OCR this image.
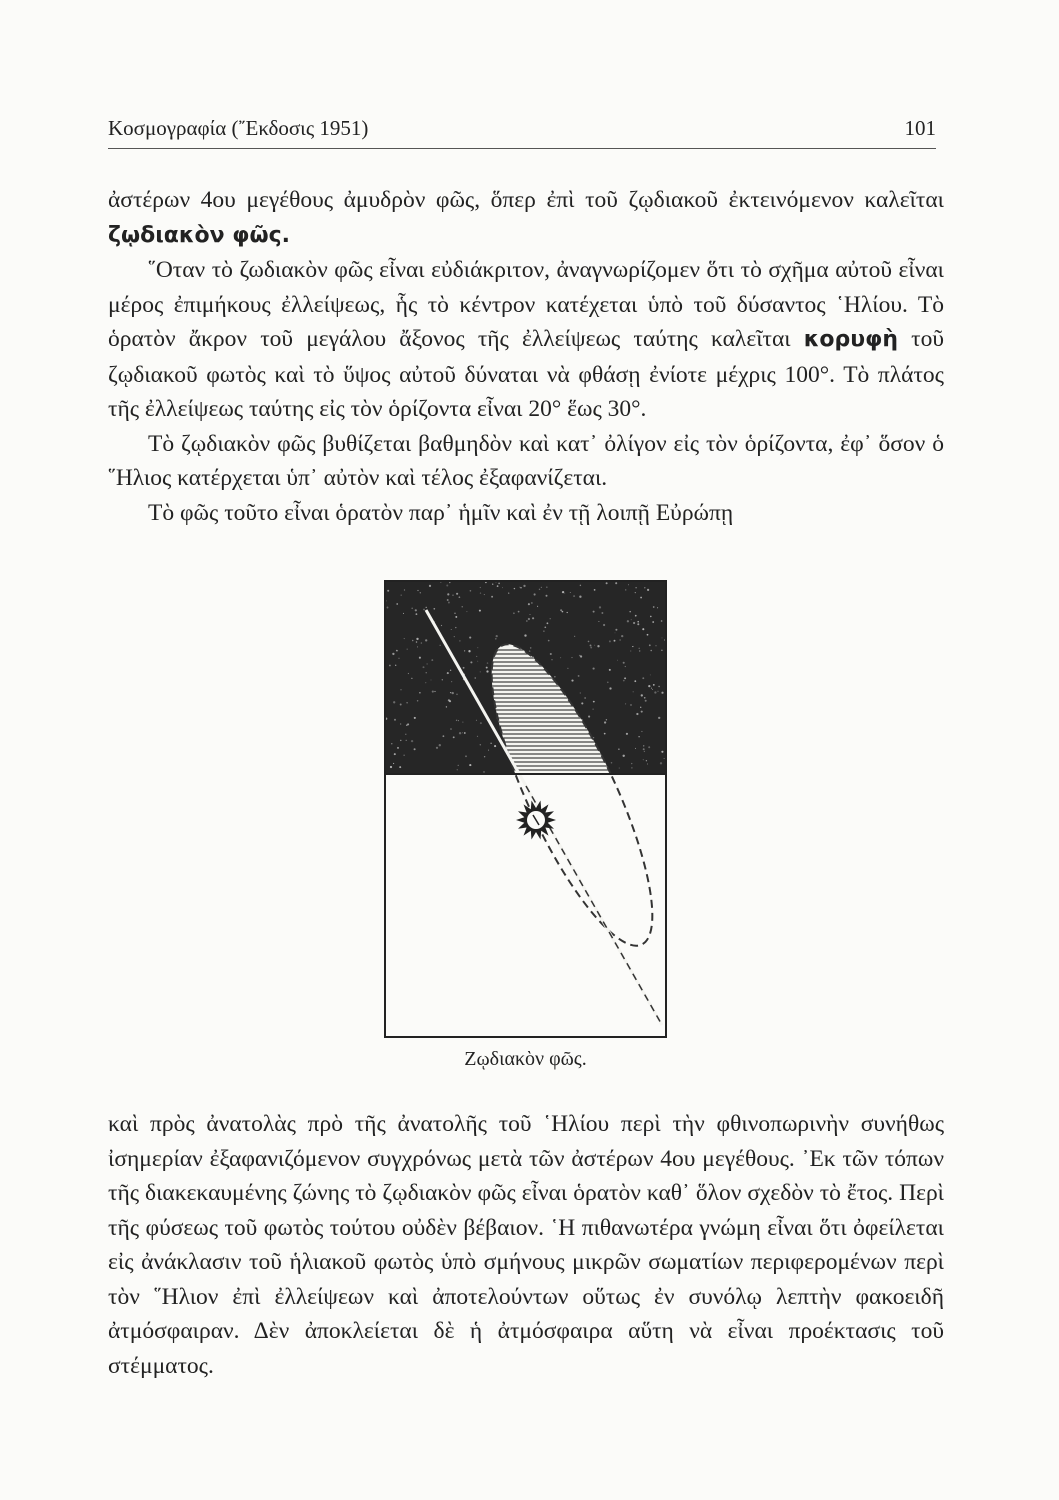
Κοσμογραφία (῎Εκδοσις 1951)	101

ἀστέρων 4ου μεγέθους ἀμυδρὸν φῶς, ὅπερ ἐπὶ τοῦ ζῳδιακοῦ ἐκτεινόμενον καλεῖται ζῳδιακὸν φῶς.

῞Οταν τὸ ζωδιακὸν φῶς εἶναι εὐδιάκριτον, ἀναγνωρίζομεν ὅτι τὸ σχῆμα αὐτοῦ εἶναι μέρος ἐπιμήκους ἐλλείψεως, ἧς τὸ κέντρον κατέχεται ὑπὸ τοῦ δύσαντος ῾Ηλίου. Τὸ ὁρατὸν ἄκρον τοῦ μεγάλου ἄξονος τῆς ἐλλείψεως ταύτης καλεῖται κορυφὴ τοῦ ζῳδιακοῦ φωτὸς καὶ τὸ ὕψος αὐτοῦ δύναται νὰ φθάσῃ ἐνίοτε μέχρις 100°. Τὸ πλάτος τῆς ἐλλείψεως ταύτης εἰς τὸν ὁρίζοντα εἶναι 20° ἕως 30°.

Τὸ ζῳδιακὸν φῶς βυθίζεται βαθμηδὸν καὶ κατ᾽ ὀλίγον εἰς τὸν ὁρίζοντα, ἐφ᾽ ὅσον ὁ ῞Ηλιος κατέρχεται ὑπ᾽ αὐτὸν καὶ τέλος ἐξαφανίζεται.

Τὸ φῶς τοῦτο εἶναι ὁρατὸν παρ᾽ ἡμῖν καὶ ἐν τῇ λοιπῇ Εὐρώπῃ

Ζῳδιακὸν φῶς.

καὶ πρὸς ἀνατολὰς πρὸ τῆς ἀνατολῆς τοῦ ῾Ηλίου περὶ τὴν φθινοπωρινὴν συνήθως ἰσημερίαν ἐξαφανιζόμενον συγχρόνως μετὰ τῶν ἀστέρων 4ου μεγέθους. ᾽Εκ τῶν τόπων τῆς διακεκαυμένης ζώνης τὸ ζῳδιακὸν φῶς εἶναι ὁρατὸν καθ᾽ ὅλον σχεδὸν τὸ ἔτος. Περὶ τῆς φύσεως τοῦ φωτὸς τούτου οὐδὲν βέβαιον. ῾Η πιθανωτέρα γνώμη εἶναι ὅτι ὀφείλεται εἰς ἀνάκλασιν τοῦ ἡλιακοῦ φωτὸς ὑπὸ σμήνους μικρῶν σωματίων περιφερομένων περὶ τὸν ῞Ηλιον ἐπὶ ἐλλείψεων καὶ ἀποτελούντων οὕτως ἐν συνόλῳ λεπτὴν φακοειδῆ ἀτμόσφαιραν. Δὲν ἀποκλείεται δὲ ἡ ἀτμόσφαιρα αὕτη νὰ εἶναι προέκτασις τοῦ στέμματος.
